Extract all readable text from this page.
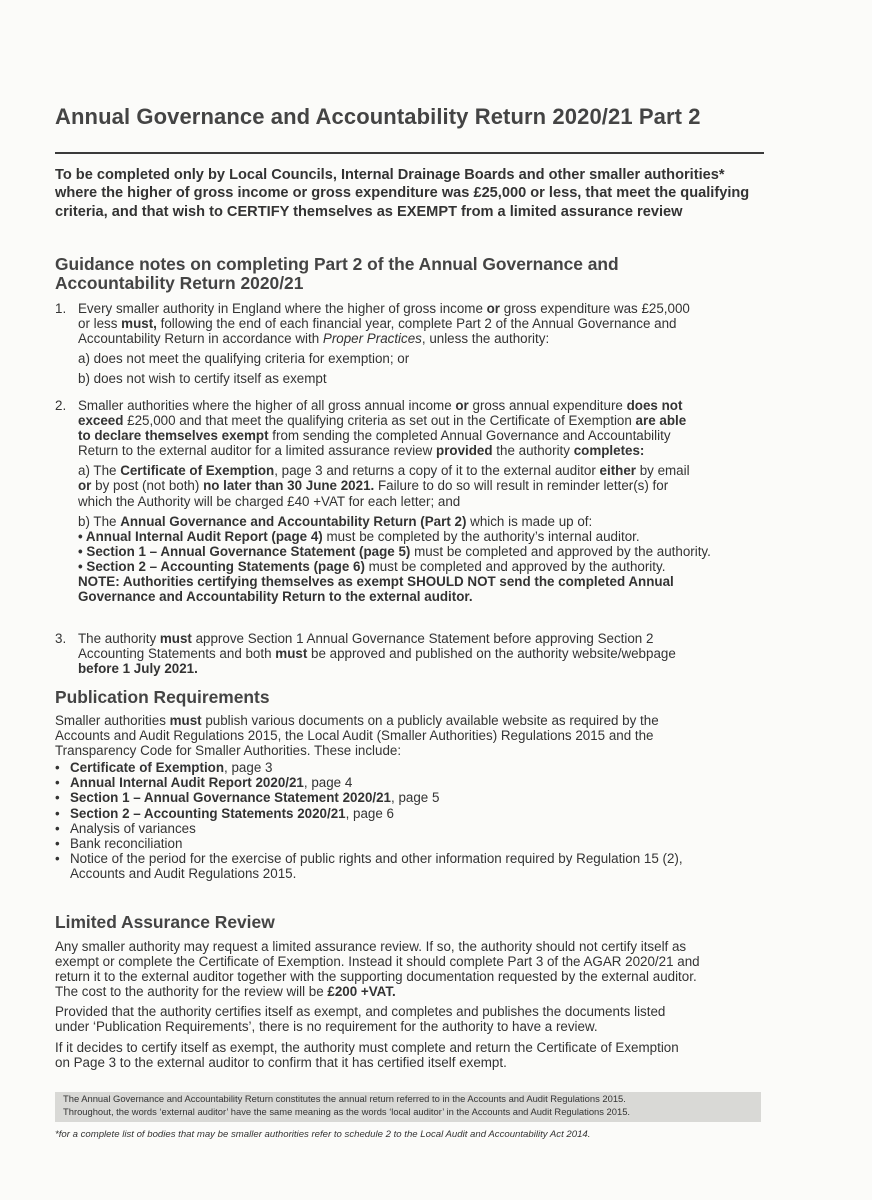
Annual Governance and Accountability Return 2020/21 Part 2

To be completed only by Local Councils, Internal Drainage Boards and other smaller authorities* where the higher of gross income or gross expenditure was £25,000 or less, that meet the qualifying criteria, and that wish to CERTIFY themselves as EXEMPT from a limited assurance review

Guidance notes on completing Part 2 of the Annual Governance and
Accountability Return 2020/21
1. Every smaller authority in England where the higher of gross income or gross expenditure was £25,000

or less must, following the end of each financial year, complete Part 2 of the Annual Governance and

Accountability Return in accordance with Proper Practices, unless the authority:

a) does not meet the qualifying criteria for exemption; or

b) does not wish to certify itself as exempt

2. Smaller authorities where the higher of all gross annual income or gross annual expenditure does not

exceed £25,000 and that meet the qualifying criteria as set out in the Certificate of Exemption are able

to declare themselves exempt from sending the completed Annual Governance and Accountability

Return to the external auditor for a limited assurance review provided the authority completes:

a) The Certificate of Exemption, page 3 and returns a copy of it to the external auditor either by email

or by post (not both) no later than 30 June 2021. Failure to do so will result in reminder letter(s) for

which the Authority will be charged £40 +VAT for each letter; and

b) The Annual Governance and Accountability Return (Part 2) which is made up of:

• Annual Internal Audit Report (page 4) must be completed by the authority’s internal auditor.

• Section 1 – Annual Governance Statement (page 5) must be completed and approved by the authority.

• Section 2 – Accounting Statements (page 6) must be completed and approved by the authority.

NOTE: Authorities certifying themselves as exempt SHOULD NOT send the completed Annual

Governance and Accountability Return to the external auditor.

3. The authority must approve Section 1 Annual Governance Statement before approving Section 2

Accounting Statements and both must be approved and published on the authority website/webpage

before 1 July 2021.

Publication Requirements

Smaller authorities must publish various documents on a publicly available website as required by the

Accounts and Audit Regulations 2015, the Local Audit (Smaller Authorities) Regulations 2015 and the

Transparency Code for Smaller Authorities. These include:

• Certificate of Exemption, page 3
• Annual Internal Audit Report 2020/21, page 4
• Section 1 – Annual Governance Statement 2020/21, page 5
• Section 2 – Accounting Statements 2020/21, page 6
• Analysis of variances
• Bank reconciliation
• Notice of the period for the exercise of public rights and other information required by Regulation 15 (2),
Accounts and Audit Regulations 2015.
Limited Assurance Review

Any smaller authority may request a limited assurance review. If so, the authority should not certify itself as

exempt or complete the Certificate of Exemption. Instead it should complete Part 3 of the AGAR 2020/21 and

return it to the external auditor together with the supporting documentation requested by the external auditor.

The cost to the authority for the review will be £200 +VAT.

Provided that the authority certifies itself as exempt, and completes and publishes the documents listed

under ‘Publication Requirements’, there is no requirement for the authority to have a review.

If it decides to certify itself as exempt, the authority must complete and return the Certificate of Exemption

on Page 3 to the external auditor to confirm that it has certified itself exempt.

The Annual Governance and Accountability Return constitutes the annual return referred to in the Accounts and Audit Regulations 2015.
Throughout, the words ‘external auditor’ have the same meaning as the words ‘local auditor’ in the Accounts and Audit Regulations 2015.
*for a complete list of bodies that may be smaller authorities refer to schedule 2 to the Local Audit and Accountability Act 2014.
